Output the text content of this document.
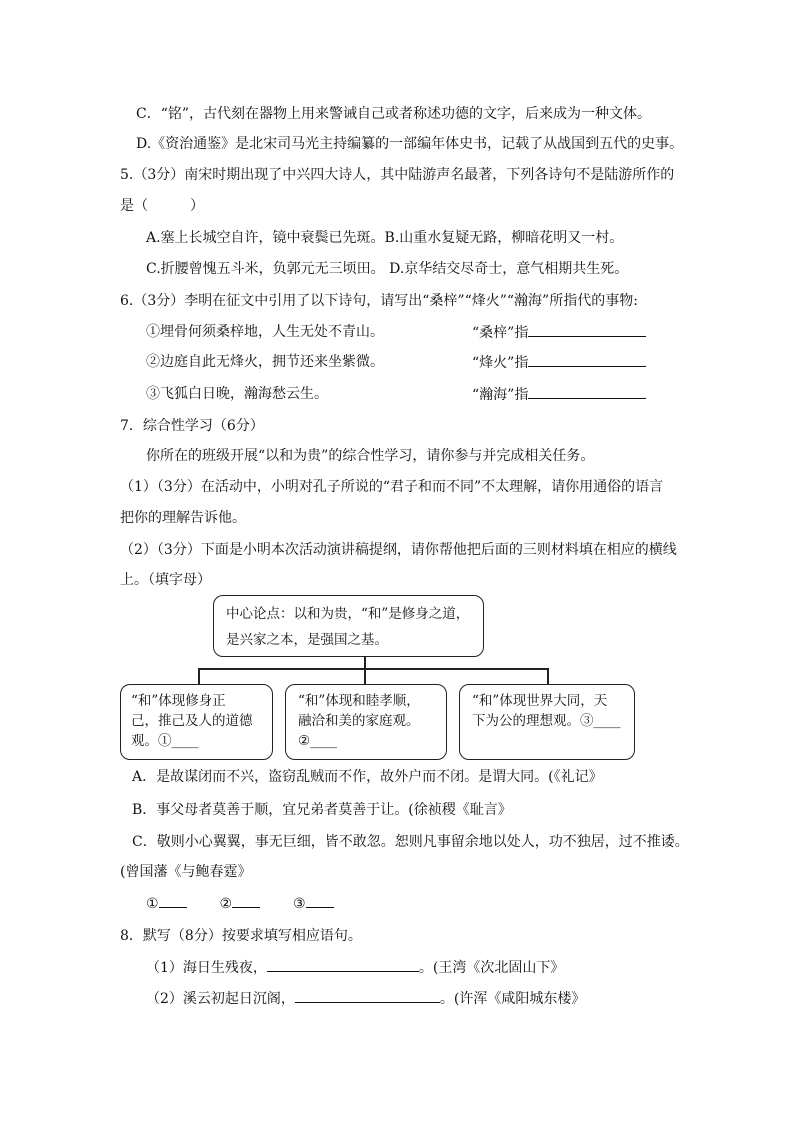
C．“铭”，古代刻在器物上用来警诫自己或者称述功德的文字，后来成为一种文体。
D.《资治通鉴》是北宋司马光主持编纂的一部编年体史书，记载了从战国到五代的史事。
5.（3分）南宋时期出现了中兴四大诗人，其中陆游声名最著，下列各诗句不是陆游所作的
是（　　　）
A.塞上长城空自许，镜中衰鬓已先斑。B.山重水复疑无路，柳暗花明又一村。
C.折腰曾愧五斗米，负郭元无三顷田。 D.京华结交尽奇士，意气相期共生死。
6.（3分）李明在征文中引用了以下诗句，请写出“桑梓”“烽火”“瀚海”所指代的事物:
①埋骨何须桑梓地，人生无处不青山。	“桑梓”指
②边庭自此无烽火，拥节还来坐紫微。	“烽火”指
③飞狐白日晚，瀚海愁云生。	“瀚海”指
7．综合性学习（6分）
你所在的班级开展“以和为贵”的综合性学习，请你参与并完成相关任务。
（1）（3分）在活动中，小明对孔子所说的“君子和而不同”不太理解，请你用通俗的语言
把你的理解告诉他。
（2）（3分）下面是小明本次活动演讲稿提纲，请你帮他把后面的三则材料填在相应的横线
上。（填字母）
中心论点：以和为贵，“和”是修身之道，
是兴家之本，是强国之基。
“和”体现修身正
己，推己及人的道德
观。①____
“和”体现和睦孝顺，
融洽和美的家庭观。
②____
“和”体现世界大同，天
下为公的理想观。③____
A．是故谋闭而不兴，盗窃乱贼而不作，故外户而不闭。是谓大同。(《礼记》
B．事父母者莫善于顺，宜兄弟者莫善于让。(徐祯稷《耻言》
C．敬则小心翼翼，事无巨细，皆不敢忽。恕则凡事留余地以处人，功不独居，过不推诿。
(曾国藩《与鲍春霆》
①	②	③
8．默写（8分）按要求填写相应语句。
（1）海日生残夜，	。(王湾《次北固山下》
（2）溪云初起日沉阁，	。(许浑《咸阳城东楼》
